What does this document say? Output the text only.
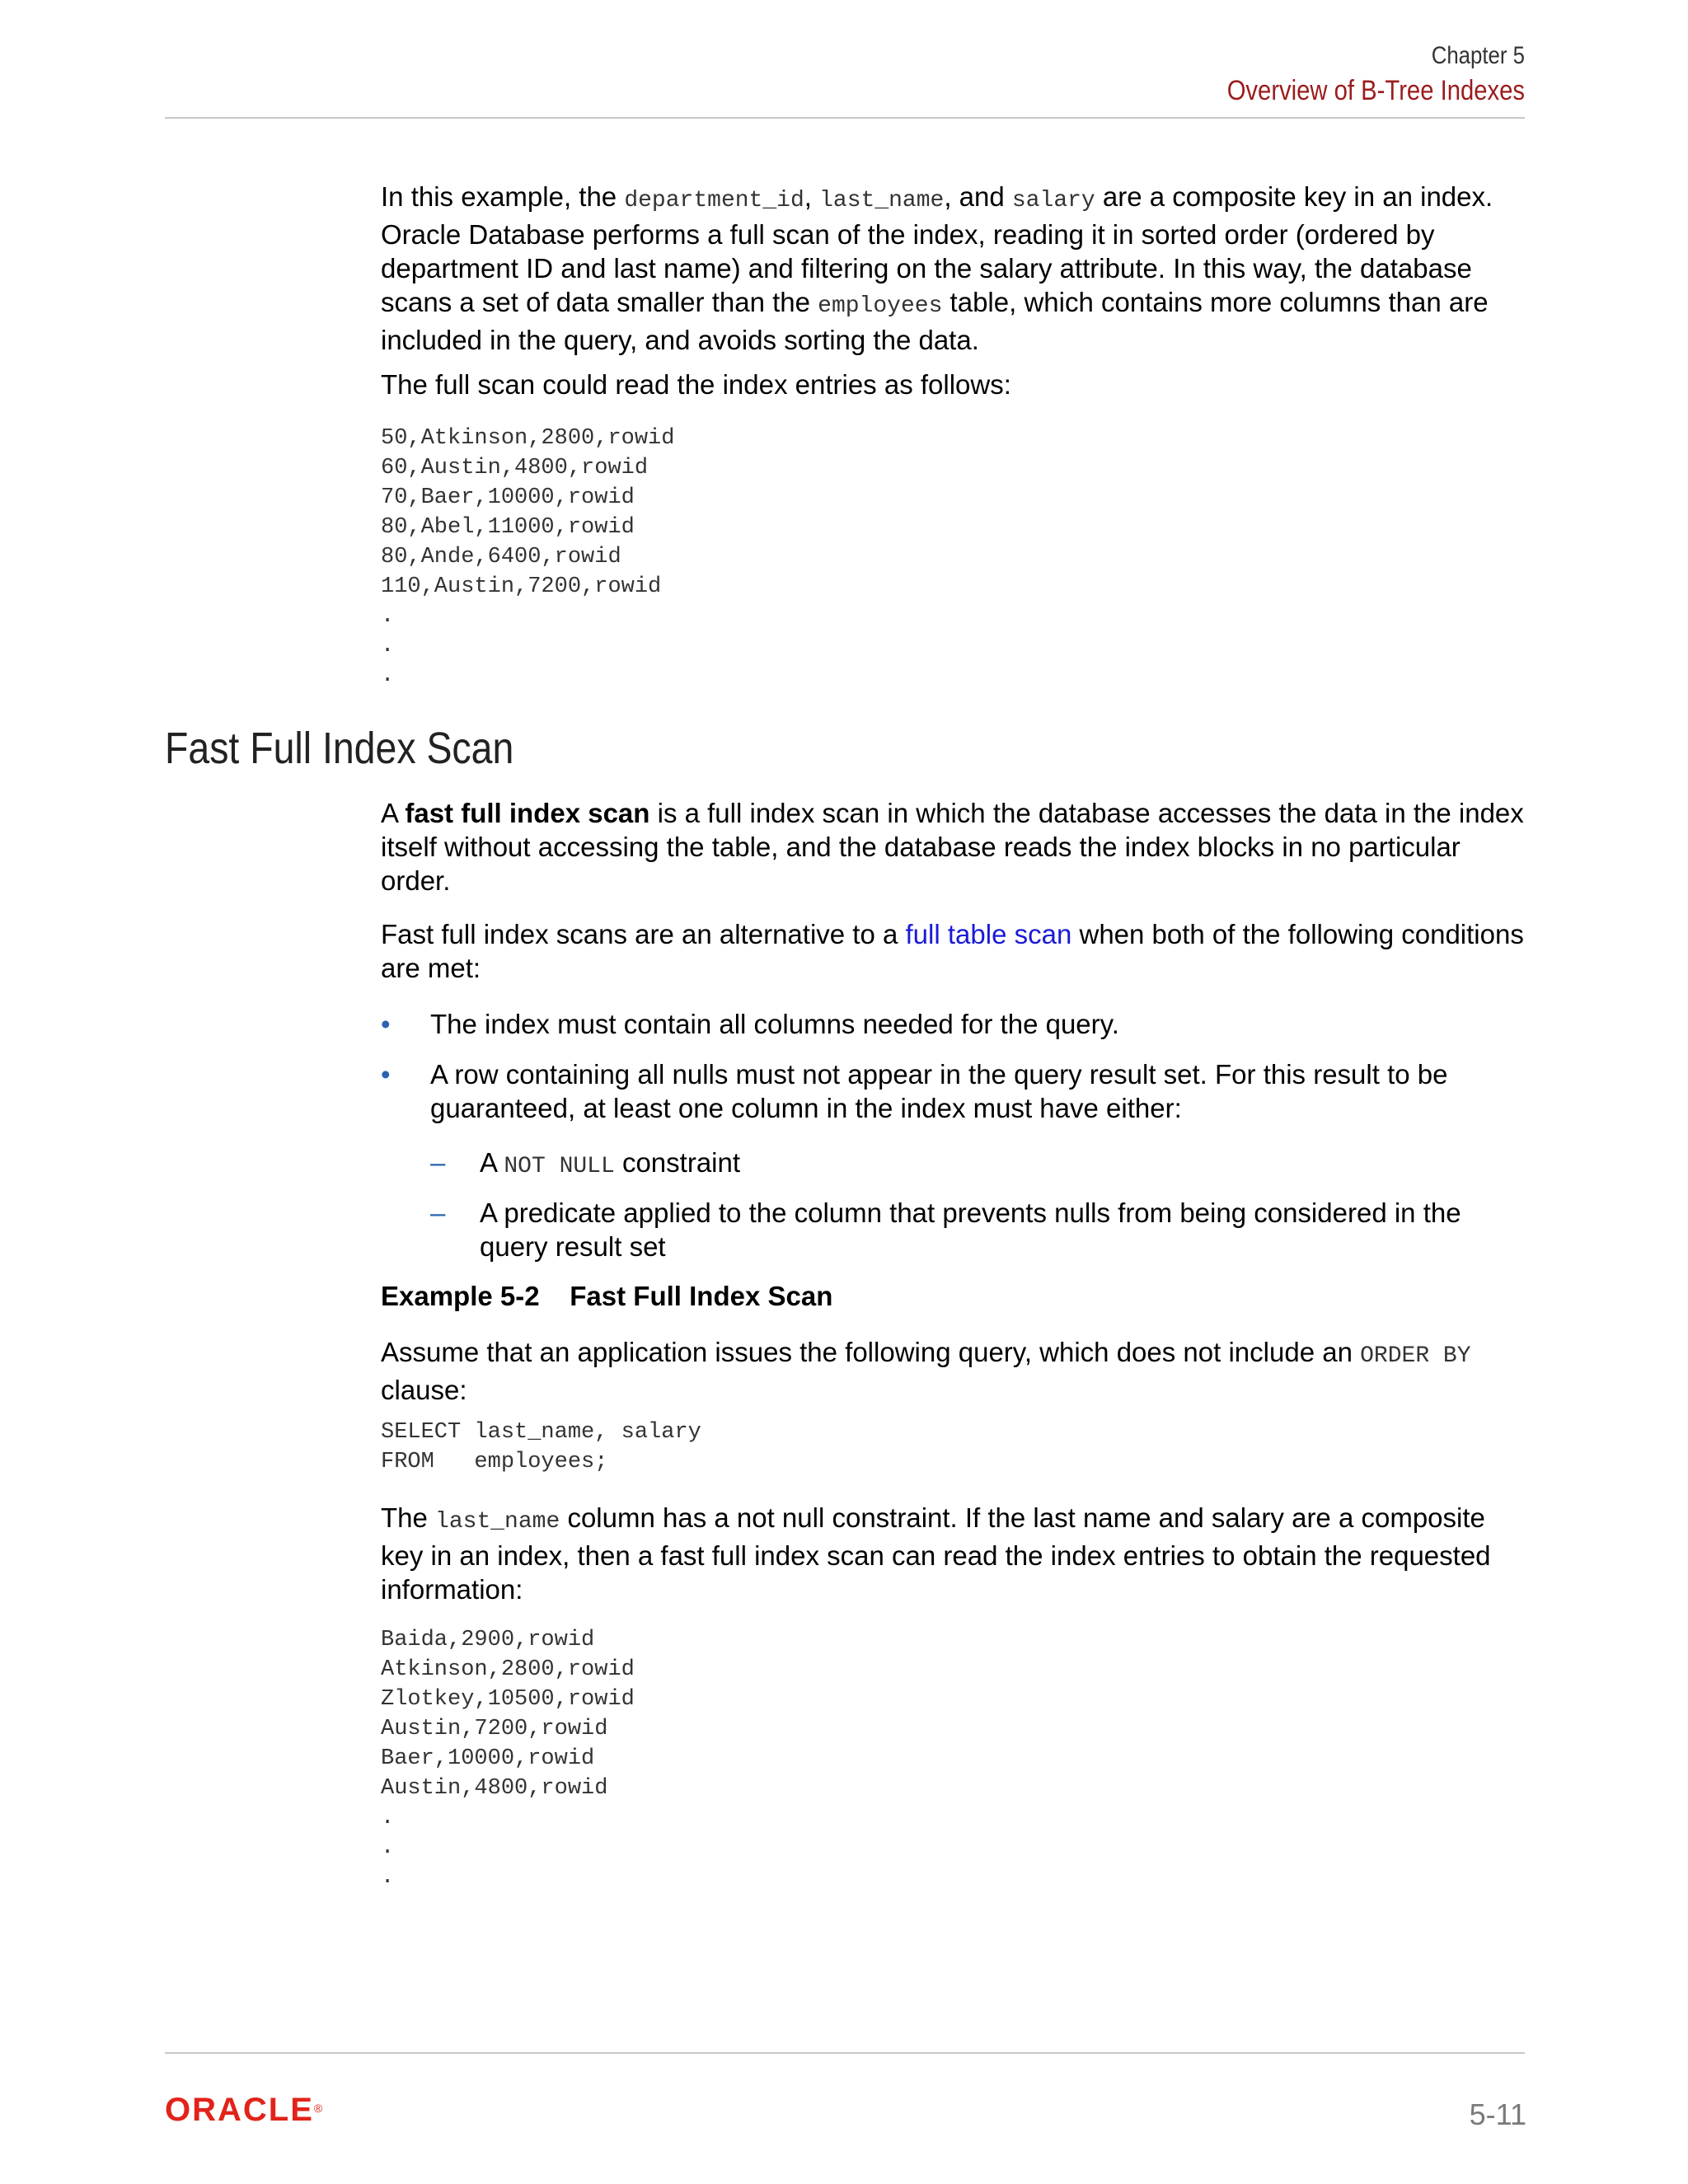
Chapter 5
Overview of B-Tree Indexes

In this example, the department_id, last_name, and salary are a composite key in an index. Oracle Database performs a full scan of the index, reading it in sorted order (ordered by department ID and last name) and filtering on the salary attribute. In this way, the database scans a set of data smaller than the employees table, which contains more columns than are included in the query, and avoids sorting the data.

The full scan could read the index entries as follows:

50,Atkinson,2800,rowid
60,Austin,4800,rowid
70,Baer,10000,rowid
80,Abel,11000,rowid
80,Ande,6400,rowid
110,Austin,7200,rowid
.
.
.
Fast Full Index Scan

A fast full index scan is a full index scan in which the database accesses the data in the index itself without accessing the table, and the database reads the index blocks in no particular order.

Fast full index scans are an alternative to a full table scan when both of the following conditions are met:

• The index must contain all columns needed for the query.
• A row containing all nulls must not appear in the query result set. For this result to be guaranteed, at least one column in the index must have either:
– A NOT NULL constraint
– A predicate applied to the column that prevents nulls from being considered in the query result set

Example 5-2    Fast Full Index Scan

Assume that an application issues the following query, which does not include an ORDER BY clause:

SELECT last_name, salary
FROM   employees;

The last_name column has a not null constraint. If the last name and salary are a composite key in an index, then a fast full index scan can read the index entries to obtain the requested information:

Baida,2900,rowid
Atkinson,2800,rowid
Zlotkey,10500,rowid
Austin,7200,rowid
Baer,10000,rowid
Austin,4800,rowid
.
.
.
ORACLE®	5-11
